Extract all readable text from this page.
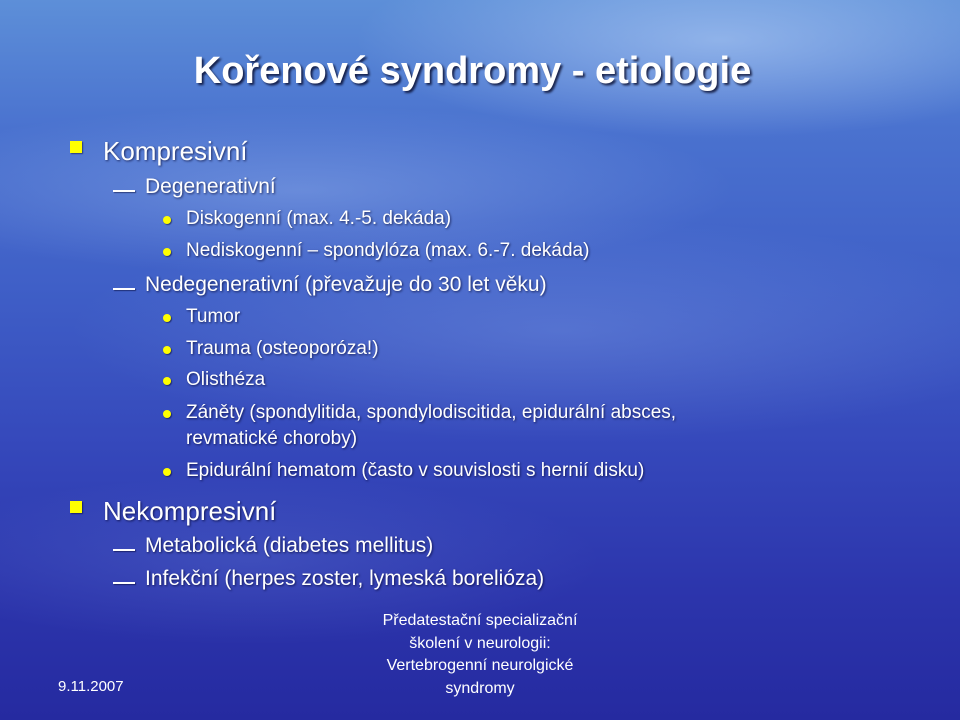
Kořenové syndromy - etiologie
Kompresivní
Degenerativní
Diskogenní (max. 4.-5. dekáda)
Nediskogenní – spondylóza (max. 6.-7. dekáda)
Nedegenerativní (převažuje do 30 let věku)
Tumor
Trauma (osteoporóza!)
Olisthéza
Záněty (spondylitida, spondylodiscitida, epidurální absces,
revmatické choroby)
Epidurální hematom (často v souvislosti s hernií disku)
Nekompresivní
Metabolická (diabetes mellitus)
Infekční (herpes zoster, lymeská borelióza)
Předatestační specializační
školení v neurologii:
Vertebrogenní neurolgické
syndromy
9.11.2007
